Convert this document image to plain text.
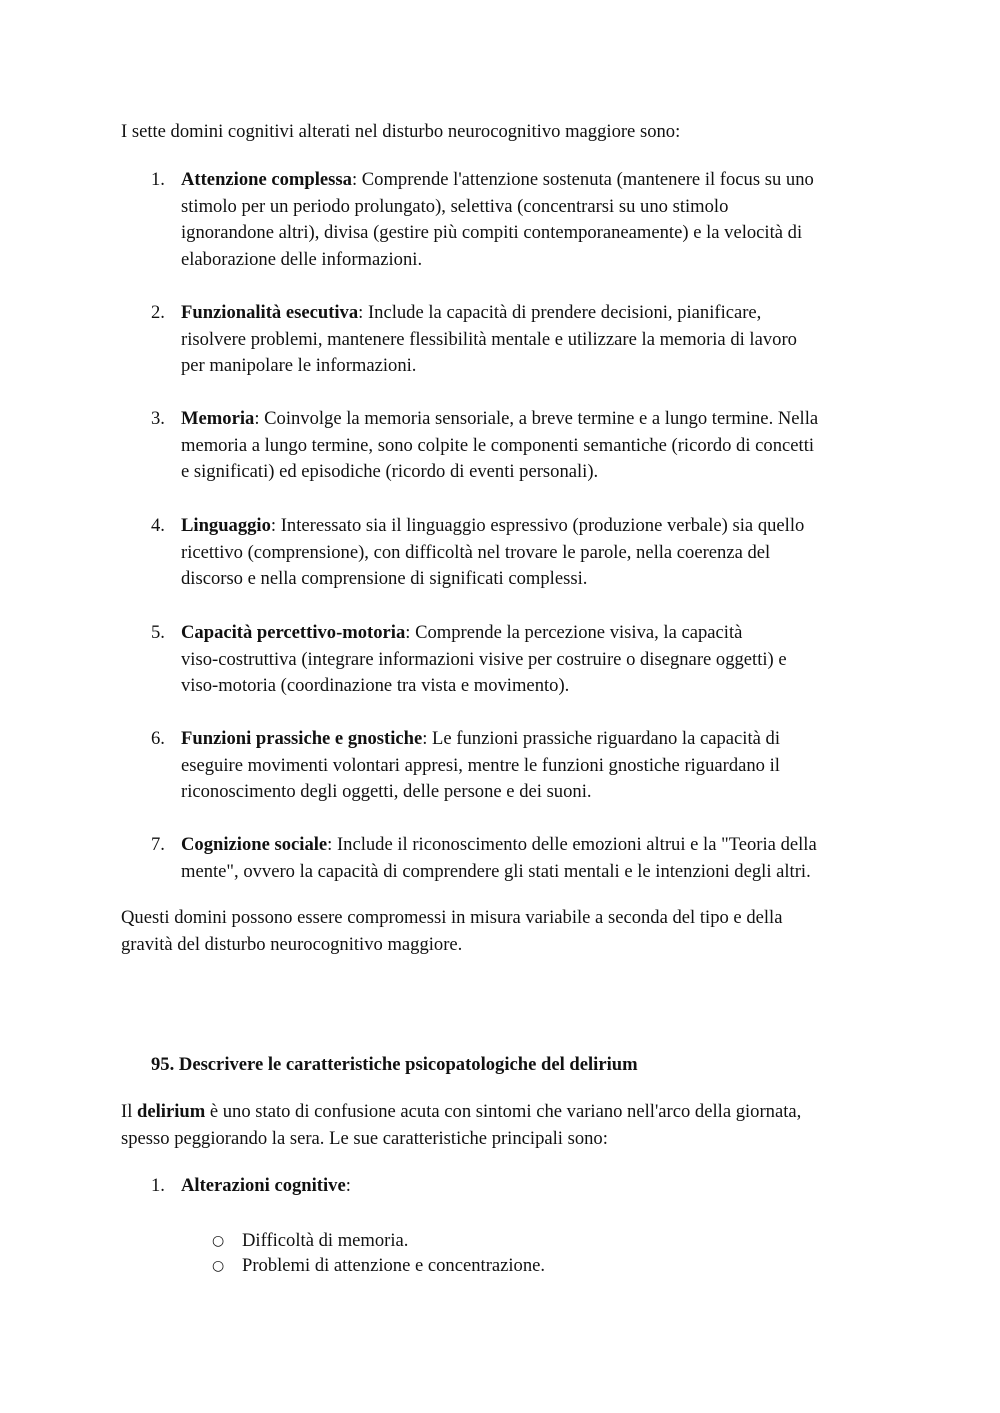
I sette domini cognitivi alterati nel disturbo neurocognitivo maggiore sono:

1. Attenzione complessa: Comprende l'attenzione sostenuta (mantenere il focus su uno
stimolo per un periodo prolungato), selettiva (concentrarsi su uno stimolo
ignorandone altri), divisa (gestire più compiti contemporaneamente) e la velocità di
elaborazione delle informazioni.
2. Funzionalità esecutiva: Include la capacità di prendere decisioni, pianificare,
risolvere problemi, mantenere flessibilità mentale e utilizzare la memoria di lavoro
per manipolare le informazioni.
3. Memoria: Coinvolge la memoria sensoriale, a breve termine e a lungo termine. Nella
memoria a lungo termine, sono colpite le componenti semantiche (ricordo di concetti
e significati) ed episodiche (ricordo di eventi personali).
4. Linguaggio: Interessato sia il linguaggio espressivo (produzione verbale) sia quello
ricettivo (comprensione), con difficoltà nel trovare le parole, nella coerenza del
discorso e nella comprensione di significati complessi.
5. Capacità percettivo-motoria: Comprende la percezione visiva, la capacità
viso-costruttiva (integrare informazioni visive per costruire o disegnare oggetti) e
viso-motoria (coordinazione tra vista e movimento).
6. Funzioni prassiche e gnostiche: Le funzioni prassiche riguardano la capacità di
eseguire movimenti volontari appresi, mentre le funzioni gnostiche riguardano il
riconoscimento degli oggetti, delle persone e dei suoni.
7. Cognizione sociale: Include il riconoscimento delle emozioni altrui e la "Teoria della
mente", ovvero la capacità di comprendere gli stati mentali e le intenzioni degli altri.
Questi domini possono essere compromessi in misura variabile a seconda del tipo e della
gravità del disturbo neurocognitivo maggiore.
95. Descrivere le caratteristiche psicopatologiche del delirium
Il delirium è uno stato di confusione acuta con sintomi che variano nell'arco della giornata,
spesso peggiorando la sera. Le sue caratteristiche principali sono:
1. Alterazioni cognitive:
○ Difficoltà di memoria.
○ Problemi di attenzione e concentrazione.
